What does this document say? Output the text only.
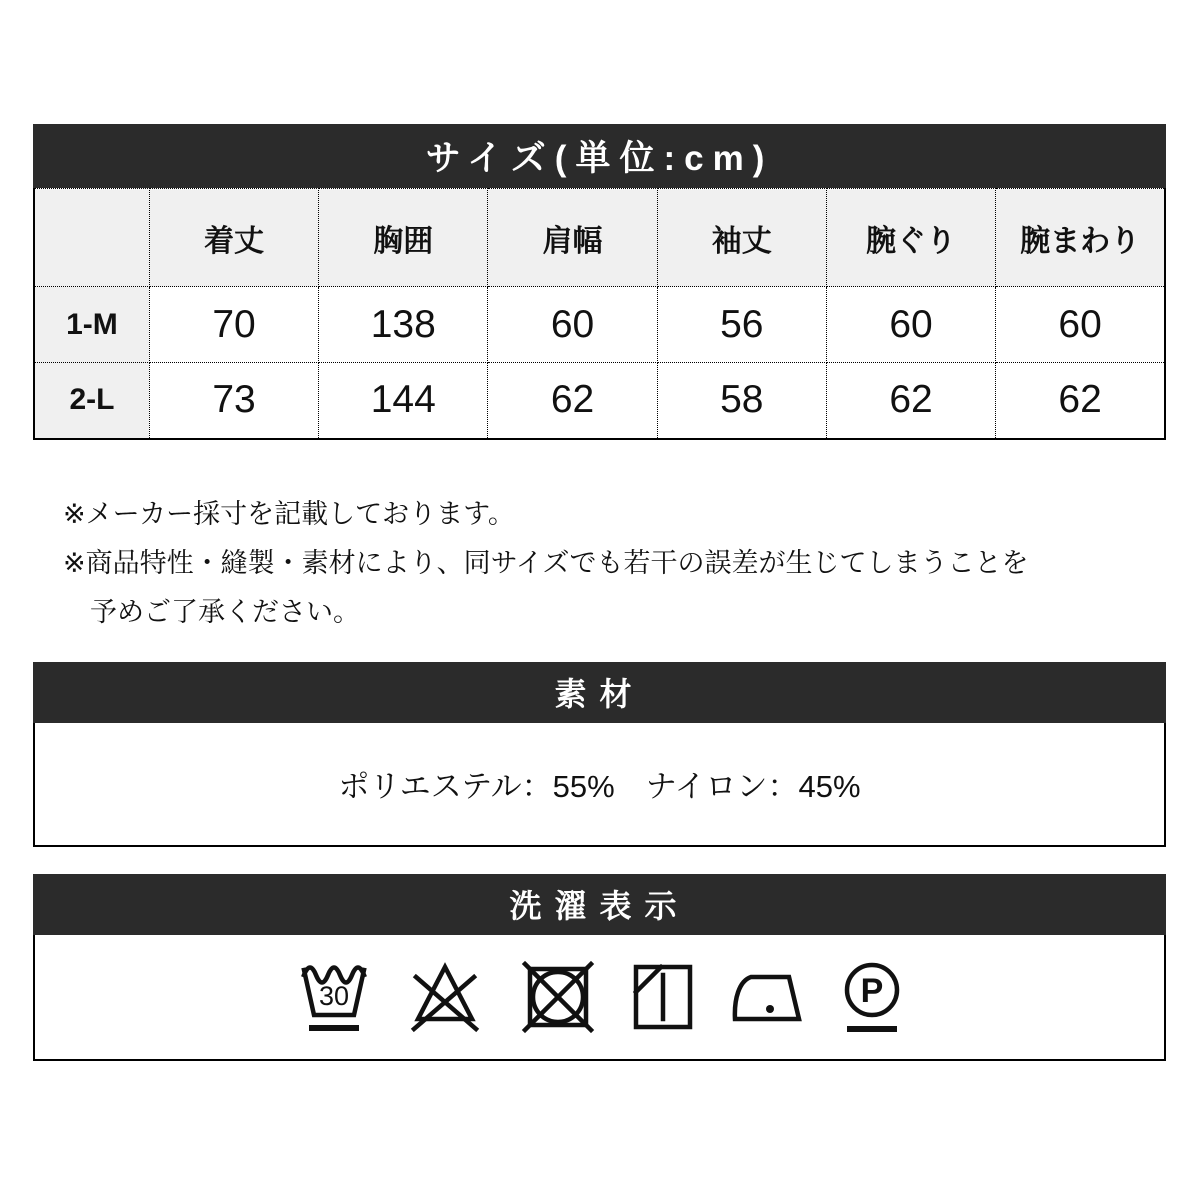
サイズ(単位:cm)
	着丈	胸囲	肩幅	袖丈	腕ぐり	腕まわり
1-M	70	138	60	56	60	60
2-L	73	144	62	58	62	62
※メーカー採寸を記載しております。
※商品特性・縫製・素材により、同サイズでも若干の誤差が生じてしまうことを
予めご了承ください。
素材
ポリエステル：55%　ナイロン：45%
洗濯表示
30	P
